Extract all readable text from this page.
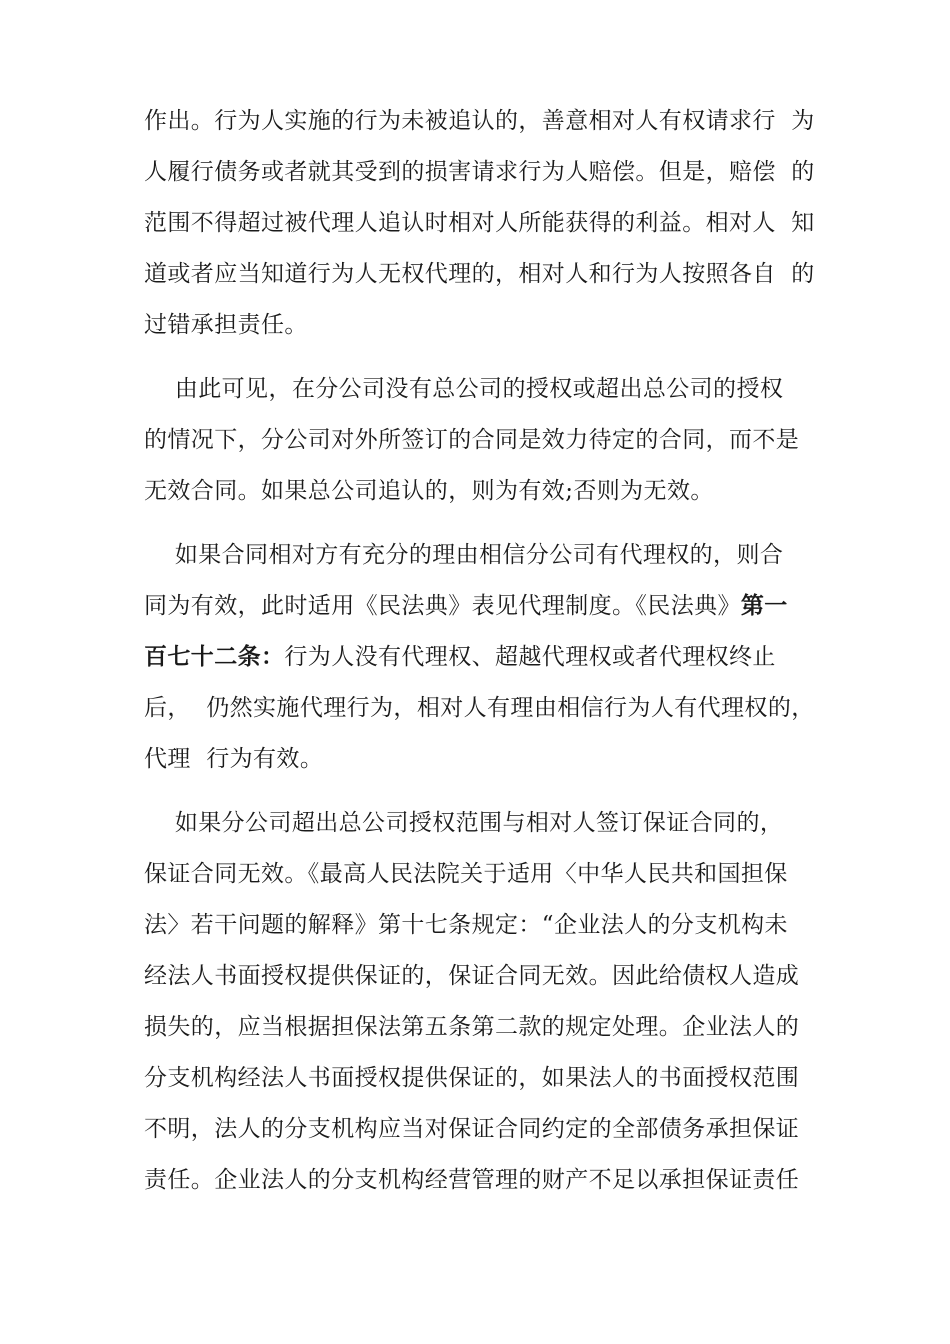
作出。行为人实施的行为未被追认的，善意相对人有权请求行  为
人履行债务或者就其受到的损害请求行为人赔偿。但是，赔偿  的
范围不得超过被代理人追认时相对人所能获得的利益。相对人  知
道或者应当知道行为人无权代理的，相对人和行为人按照各自  的
过错承担责任。
由此可见，在分公司没有总公司的授权或超出总公司的授权
的情况下，分公司对外所签订的合同是效力待定的合同，而不是
无效合同。如果总公司追认的，则为有效;否则为无效。
如果合同相对方有充分的理由相信分公司有代理权的，则合
同为有效，此时适用《民法典》表见代理制度。《民法典》第一
百七十二条：行为人没有代理权、超越代理权或者代理权终止
后，  仍然实施代理行为，相对人有理由相信行为人有代理权的，
代理  行为有效。
如果分公司超出总公司授权范围与相对人签订保证合同的，
保证合同无效。《最高人民法院关于适用〈中华人民共和国担保
法〉若干问题的解释》第十七条规定：“企业法人的分支机构未
经法人书面授权提供保证的，保证合同无效。因此给债权人造成
损失的，应当根据担保法第五条第二款的规定处理。企业法人的
分支机构经法人书面授权提供保证的，如果法人的书面授权范围
不明，法人的分支机构应当对保证合同约定的全部债务承担保证
责任。企业法人的分支机构经营管理的财产不足以承担保证责任
